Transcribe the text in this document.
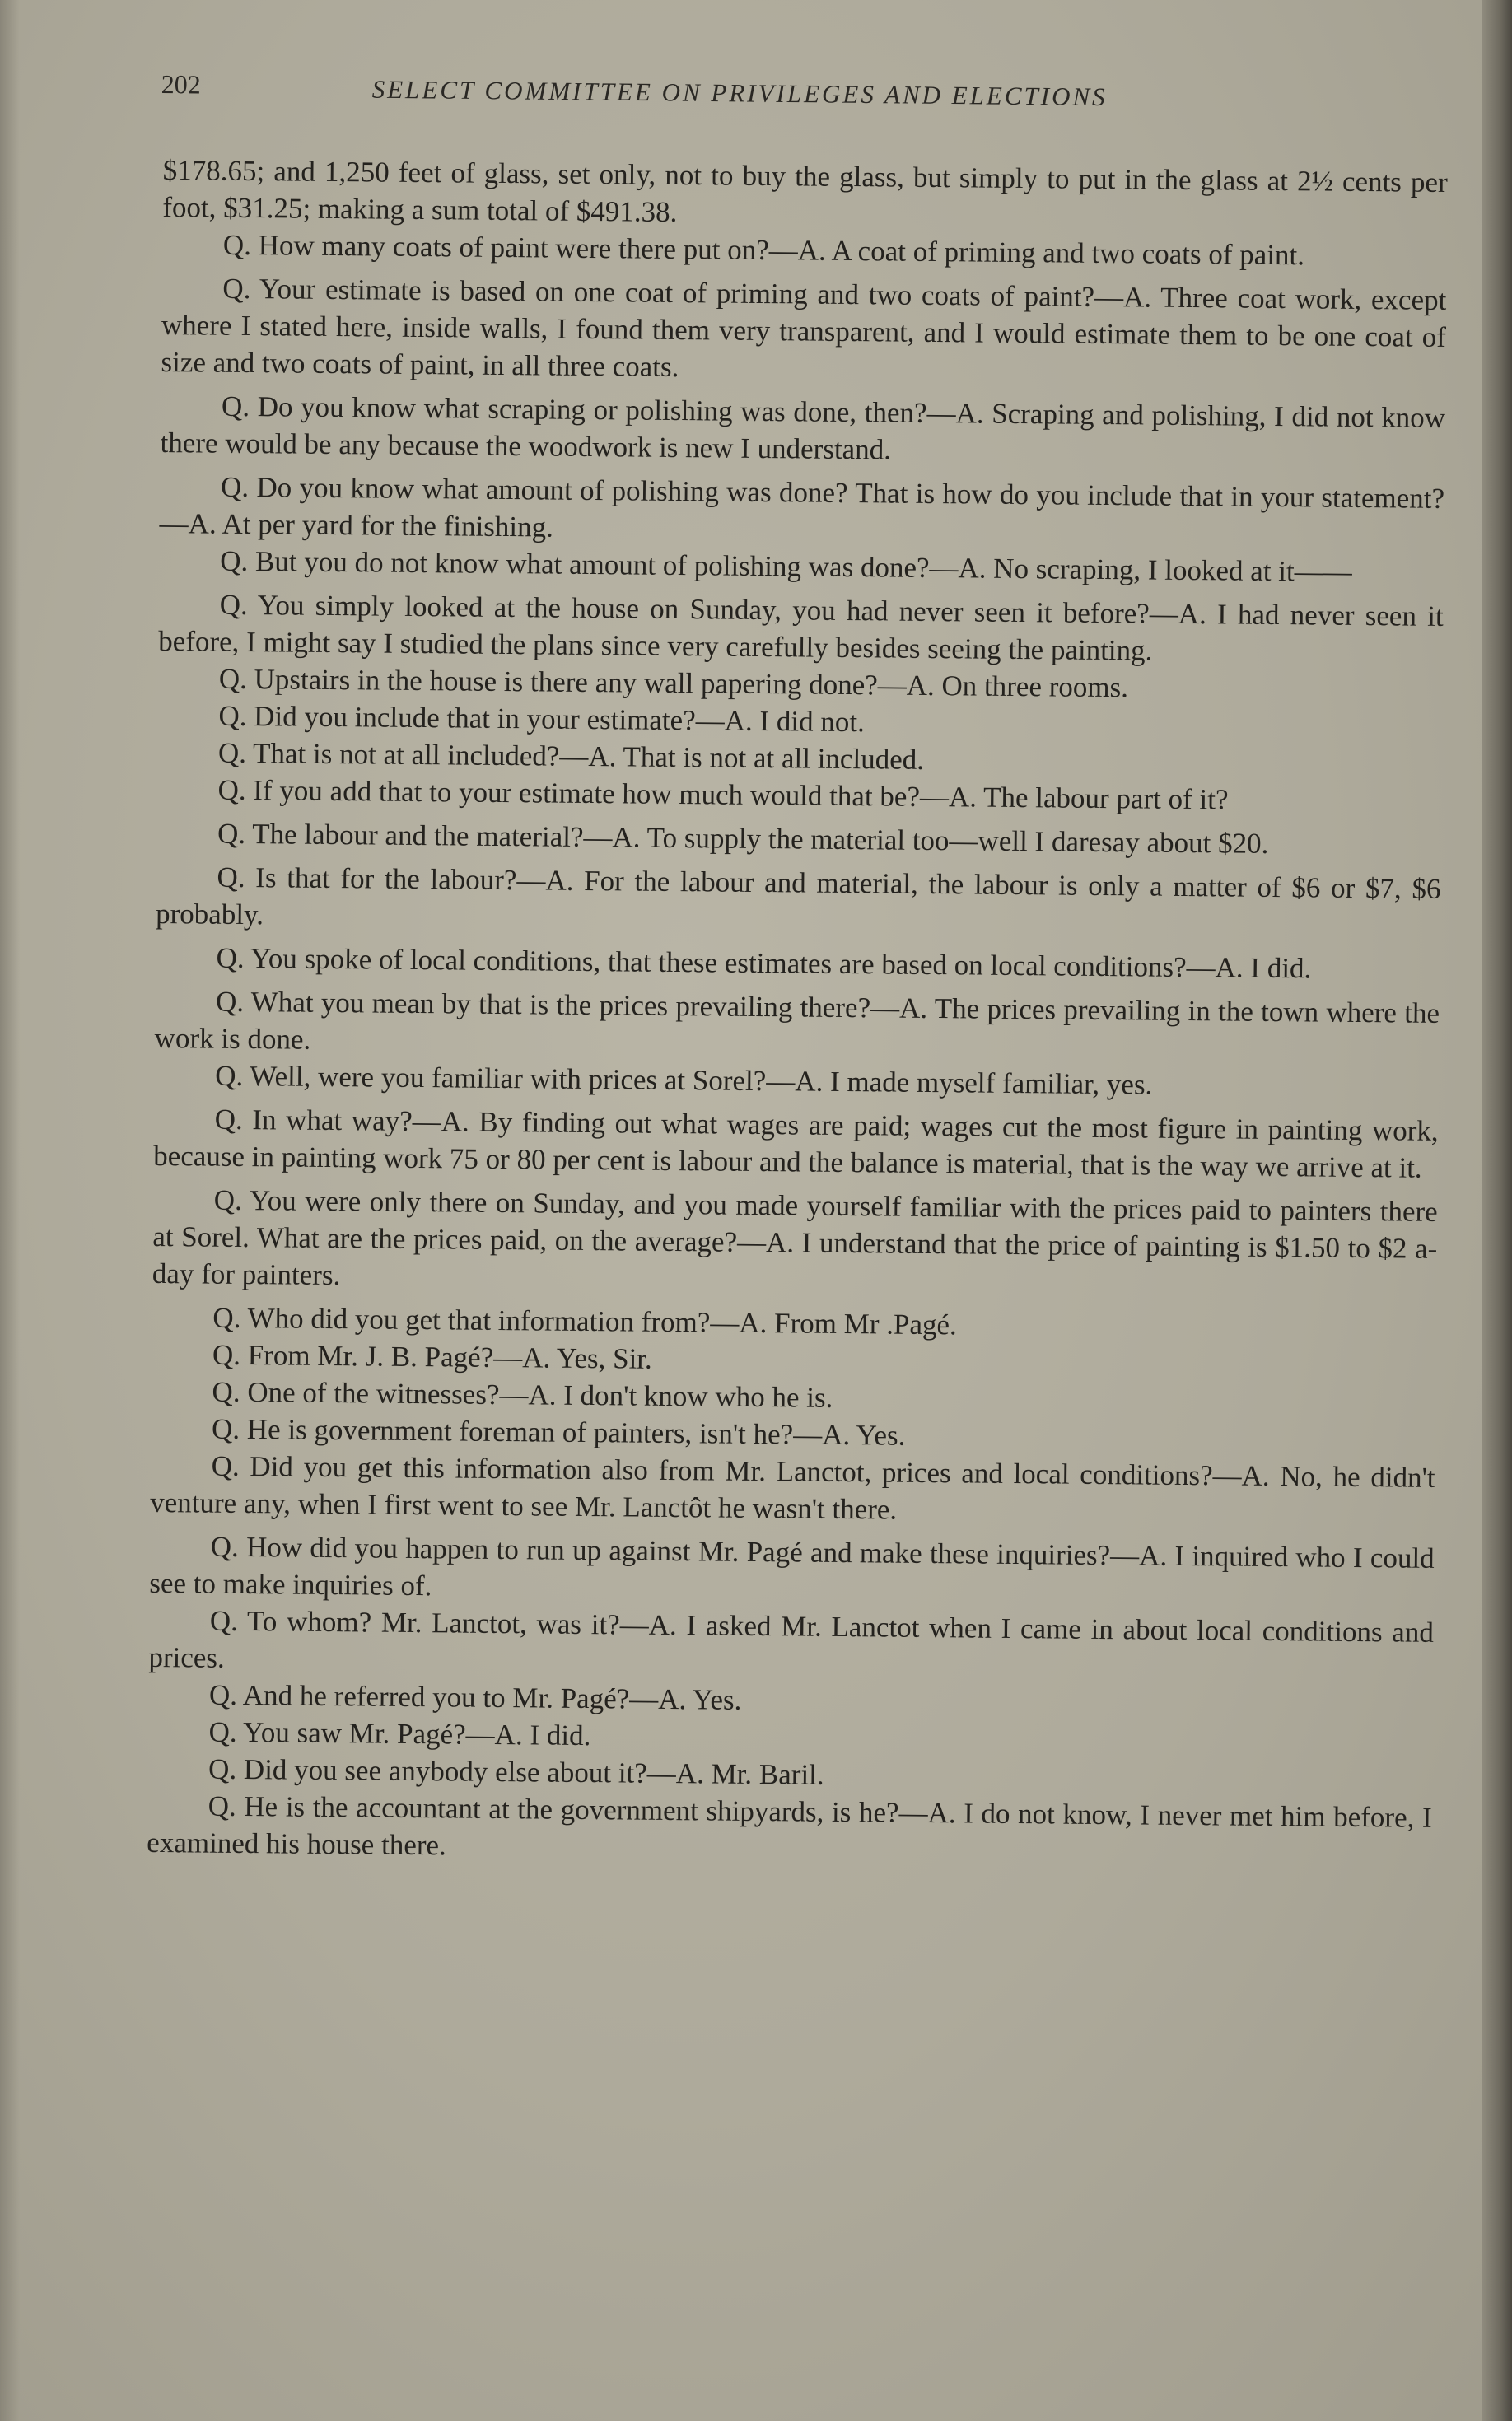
202	SELECT COMMITTEE ON PRIVILEGES AND ELECTIONS

$178.65; and 1,250 feet of glass, set only, not to buy the glass, but simply to put in the glass at 2½ cents per foot, $31.25; making a sum total of $491.38.

Q. How many coats of paint were there put on?—A. A coat of priming and two coats of paint.

Q. Your estimate is based on one coat of priming and two coats of paint?—A. Three coat work, except where I stated here, inside walls, I found them very transparent, and I would estimate them to be one coat of size and two coats of paint, in all three coats.

Q. Do you know what scraping or polishing was done, then?—A. Scraping and polishing, I did not know there would be any because the woodwork is new I understand.

Q. Do you know what amount of polishing was done? That is how do you include that in your statement?—A. At per yard for the finishing.

Q. But you do not know what amount of polishing was done?—A. No scraping, I looked at it——

Q. You simply looked at the house on Sunday, you had never seen it before?—A. I had never seen it before, I might say I studied the plans since very carefully besides seeing the painting.

Q. Upstairs in the house is there any wall papering done?—A. On three rooms.

Q. Did you include that in your estimate?—A. I did not.

Q. That is not at all included?—A. That is not at all included.

Q. If you add that to your estimate how much would that be?—A. The labour part of it?

Q. The labour and the material?—A. To supply the material too—well I daresay about $20.

Q. Is that for the labour?—A. For the labour and material, the labour is only a matter of $6 or $7, $6 probably.

Q. You spoke of local conditions, that these estimates are based on local conditions?—A. I did.

Q. What you mean by that is the prices prevailing there?—A. The prices prevailing in the town where the work is done.

Q. Well, were you familiar with prices at Sorel?—A. I made myself familiar, yes.

Q. In what way?—A. By finding out what wages are paid; wages cut the most figure in painting work, because in painting work 75 or 80 per cent is labour and the balance is material, that is the way we arrive at it.

Q. You were only there on Sunday, and you made yourself familiar with the prices paid to painters there at Sorel. What are the prices paid, on the average?—A. I understand that the price of painting is $1.50 to $2 a-day for painters.

Q. Who did you get that information from?—A. From Mr .Pagé.

Q. From Mr. J. B. Pagé?—A. Yes, Sir.

Q. One of the witnesses?—A. I don't know who he is.

Q. He is government foreman of painters, isn't he?—A. Yes.

Q. Did you get this information also from Mr. Lanctot, prices and local conditions?—A. No, he didn't venture any, when I first went to see Mr. Lanctôt he wasn't there.

Q. How did you happen to run up against Mr. Pagé and make these inquiries?—A. I inquired who I could see to make inquiries of.

Q. To whom? Mr. Lanctot, was it?—A. I asked Mr. Lanctot when I came in about local conditions and prices.

Q. And he referred you to Mr. Pagé?—A. Yes.

Q. You saw Mr. Pagé?—A. I did.

Q. Did you see anybody else about it?—A. Mr. Baril.

Q. He is the accountant at the government shipyards, is he?—A. I do not know, I never met him before, I examined his house there.
